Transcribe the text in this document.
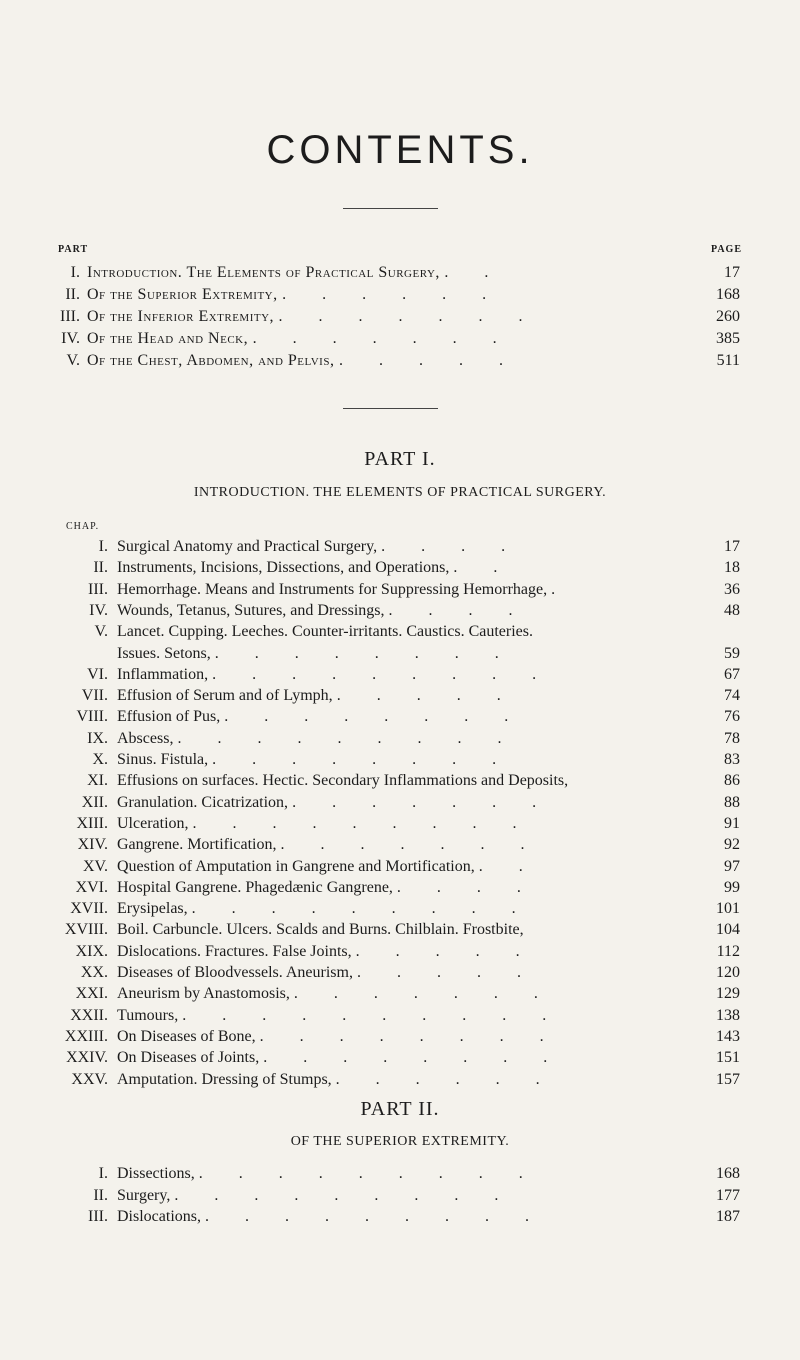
CONTENTS.
PART	PAGE
I. Introduction. The Elements of Practical Surgery, . .	17
II. Of the Superior Extremity, . . . . . .	168
III. Of the Inferior Extremity, . . . . . . .	260
IV. Of the Head and Neck, . . . . . . .	385
V. Of the Chest, Abdomen, and Pelvis, . . . . .	511
PART I.
INTRODUCTION. THE ELEMENTS OF PRACTICAL SURGERY.
CHAP.
I. Surgical Anatomy and Practical Surgery, . . . .	17
II. Instruments, Incisions, Dissections, and Operations, . .	18
III. Hemorrhage. Means and Instruments for Suppressing Hemorrhage, .	36
IV. Wounds, Tetanus, Sutures, and Dressings, . . . .	48
V. Lancet. Cupping. Leeches. Counter-irritants. Caustics. Cauteries.
Issues. Setons, . . . . . . . .	59
VI. Inflammation, . . . . . . . . .	67
VII. Effusion of Serum and of Lymph, . . . . .	74
VIII. Effusion of Pus, . . . . . . . .	76
IX. Abscess, . . . . . . . . .	78
X. Sinus. Fistula, . . . . . . . .	83
XI. Effusions on surfaces. Hectic. Secondary Inflammations and Deposits,	86
XII. Granulation. Cicatrization, . . . . . . .	88
XIII. Ulceration, . . . . . . . . .	91
XIV. Gangrene. Mortification, . . . . . . .	92
XV. Question of Amputation in Gangrene and Mortification, . .	97
XVI. Hospital Gangrene. Phagedænic Gangrene, . . . .	99
XVII. Erysipelas, . . . . . . . . .	101
XVIII. Boil. Carbuncle. Ulcers. Scalds and Burns. Chilblain. Frostbite,	104
XIX. Dislocations. Fractures. False Joints, . . . . .	112
XX. Diseases of Bloodvessels. Aneurism, . . . . .	120
XXI. Aneurism by Anastomosis, . . . . . . .	129
XXII. Tumours, . . . . . . . . . .	138
XXIII. On Diseases of Bone, . . . . . . . .	143
XXIV. On Diseases of Joints, . . . . . . . .	151
XXV. Amputation. Dressing of Stumps, . . . . . .	157
PART II.
OF THE SUPERIOR EXTREMITY.
I. Dissections, . . . . . . . . .	168
II. Surgery, . . . . . . . . .	177
III. Dislocations, . . . . . . . . .	187
